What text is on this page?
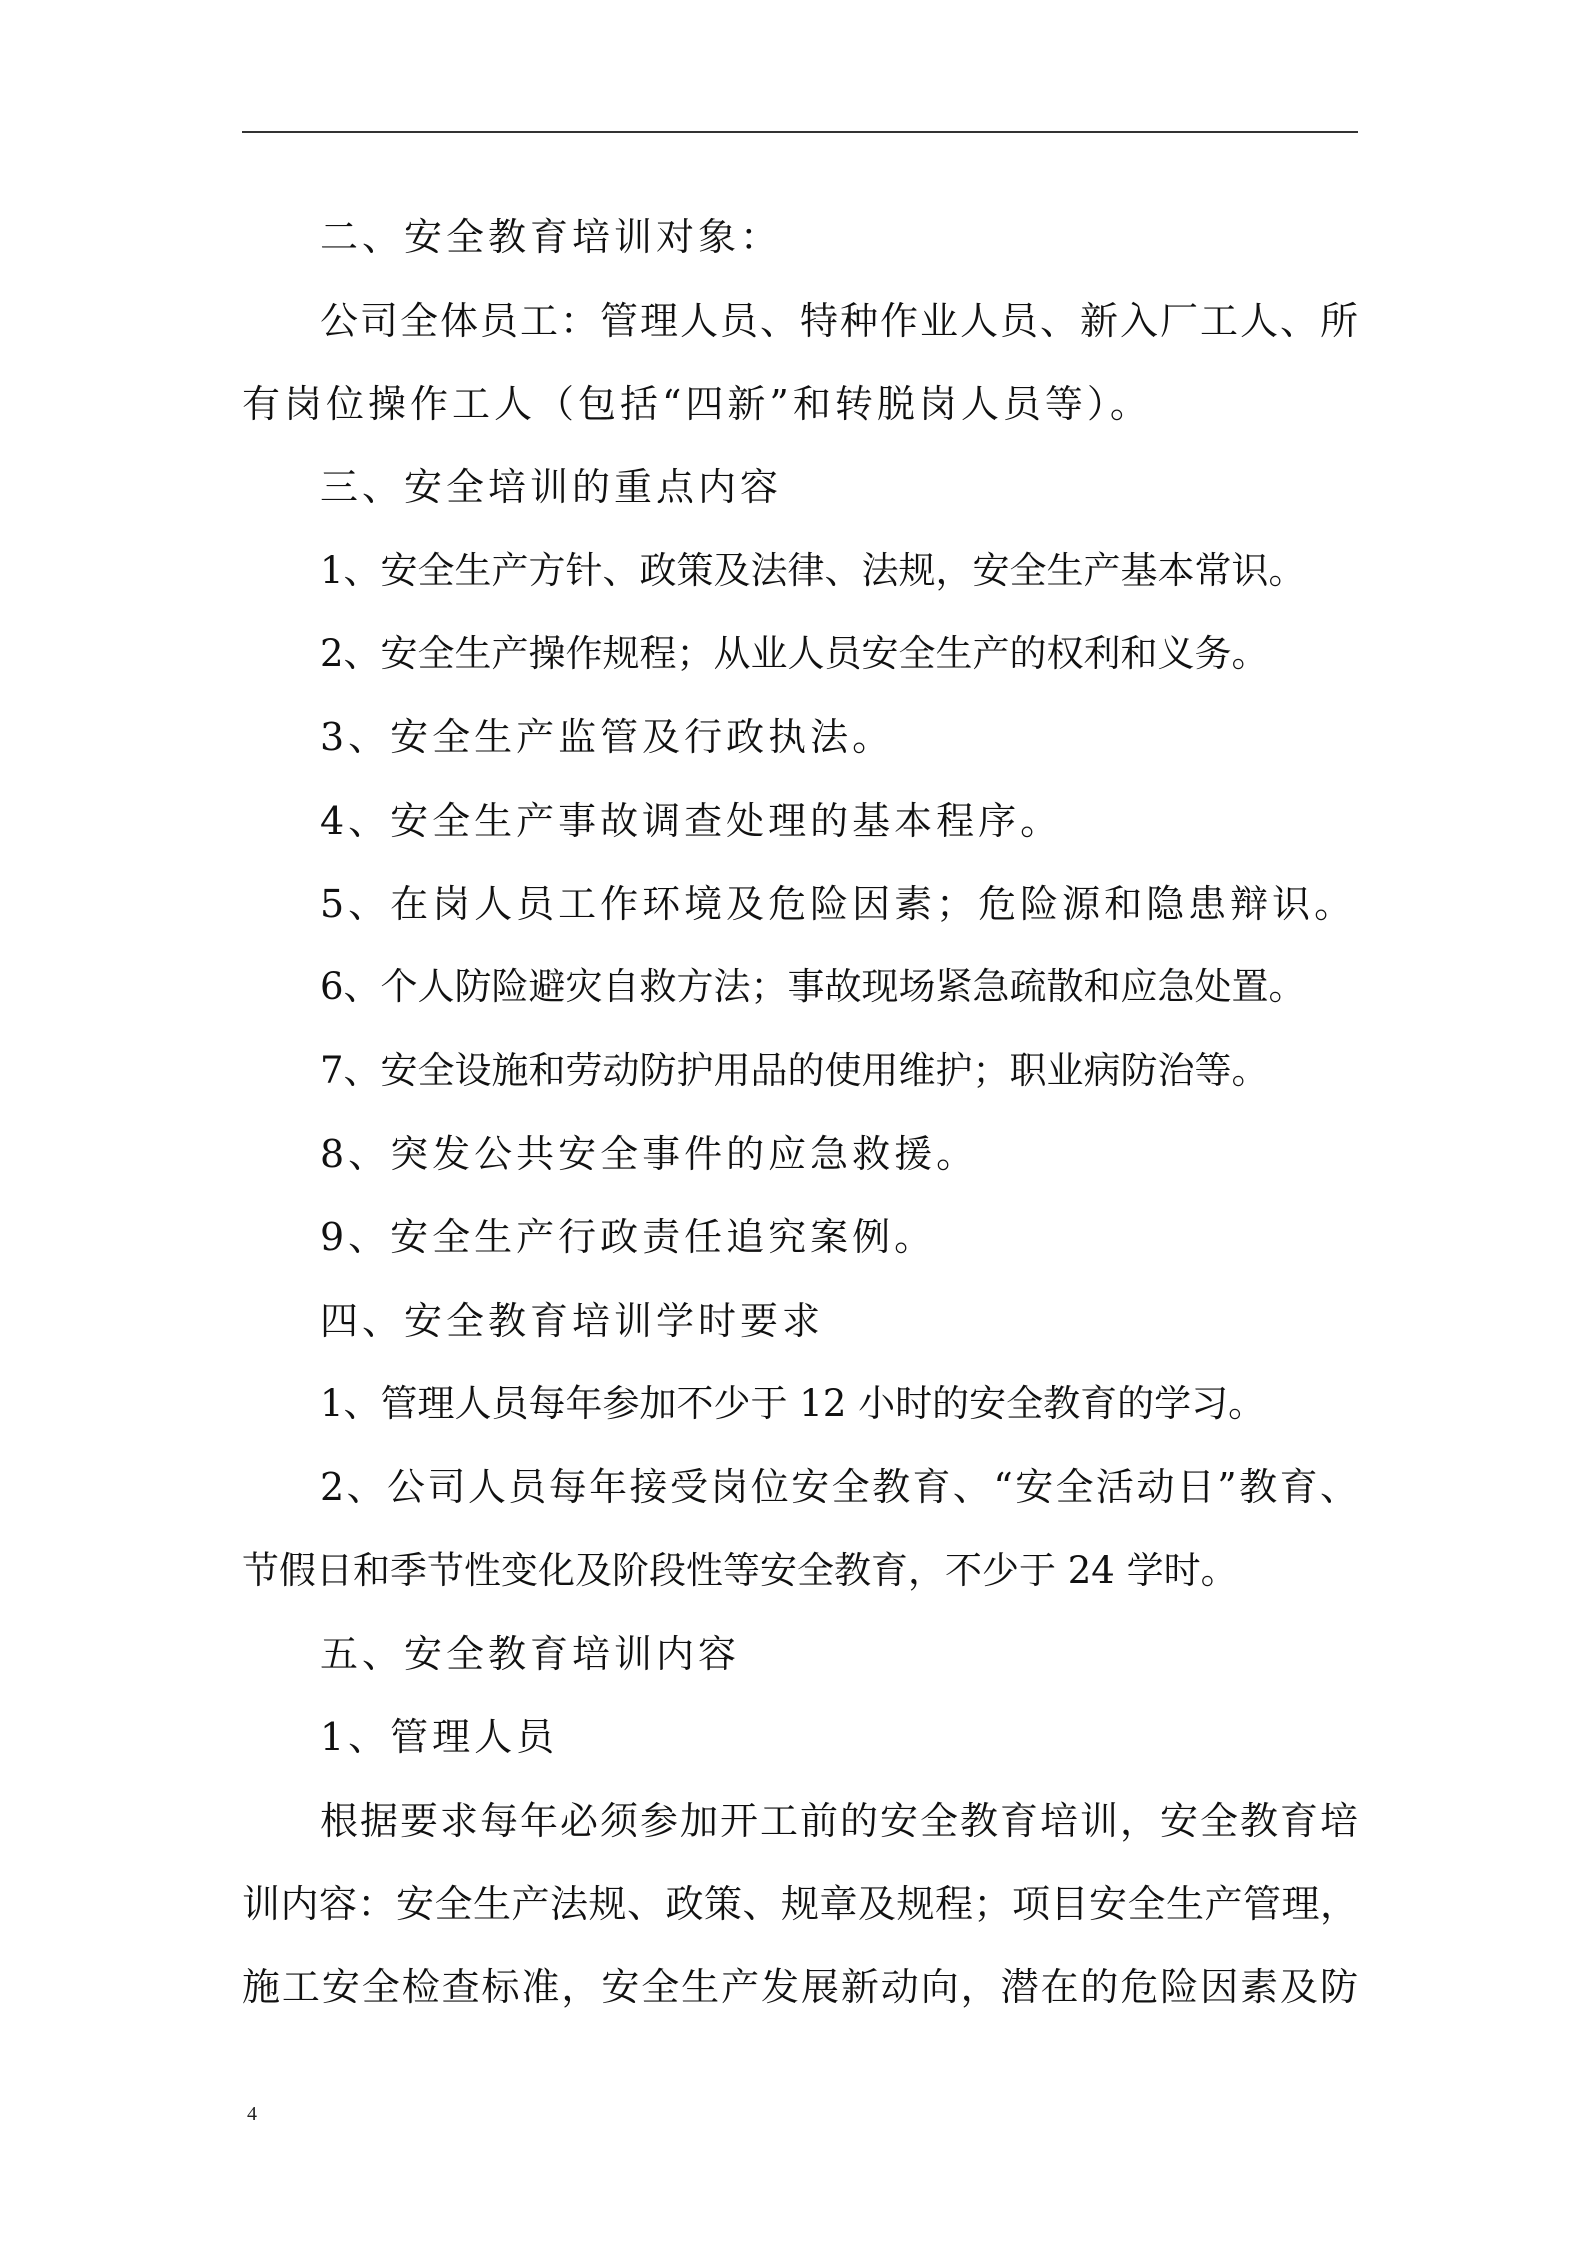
二、安全教育培训对象：
公司全体员工：管理人员、特种作业人员、新入厂工人、所
有岗位操作工人（包括“四新”和转脱岗人员等）。
三、安全培训的重点内容
1、安全生产方针、政策及法律、法规，安全生产基本常识。
2、安全生产操作规程；从业人员安全生产的权利和义务。
3、安全生产监管及行政执法。
4、安全生产事故调查处理的基本程序。
5、在岗人员工作环境及危险因素；危险源和隐患辩识。
6、个人防险避灾自救方法；事故现场紧急疏散和应急处置。
7、安全设施和劳动防护用品的使用维护；职业病防治等。
8、突发公共安全事件的应急救援。
9、安全生产行政责任追究案例。
四、安全教育培训学时要求
1、管理人员每年参加不少于 12 小时的安全教育的学习。
2、公司人员每年接受岗位安全教育、“安全活动日”教育、
节假日和季节性变化及阶段性等安全教育，不少于 24 学时。
五、安全教育培训内容
1、管理人员
根据要求每年必须参加开工前的安全教育培训，安全教育培
训内容：安全生产法规、政策、规章及规程；项目安全生产管理，
施工安全检查标准，安全生产发展新动向，潜在的危险因素及防
4
